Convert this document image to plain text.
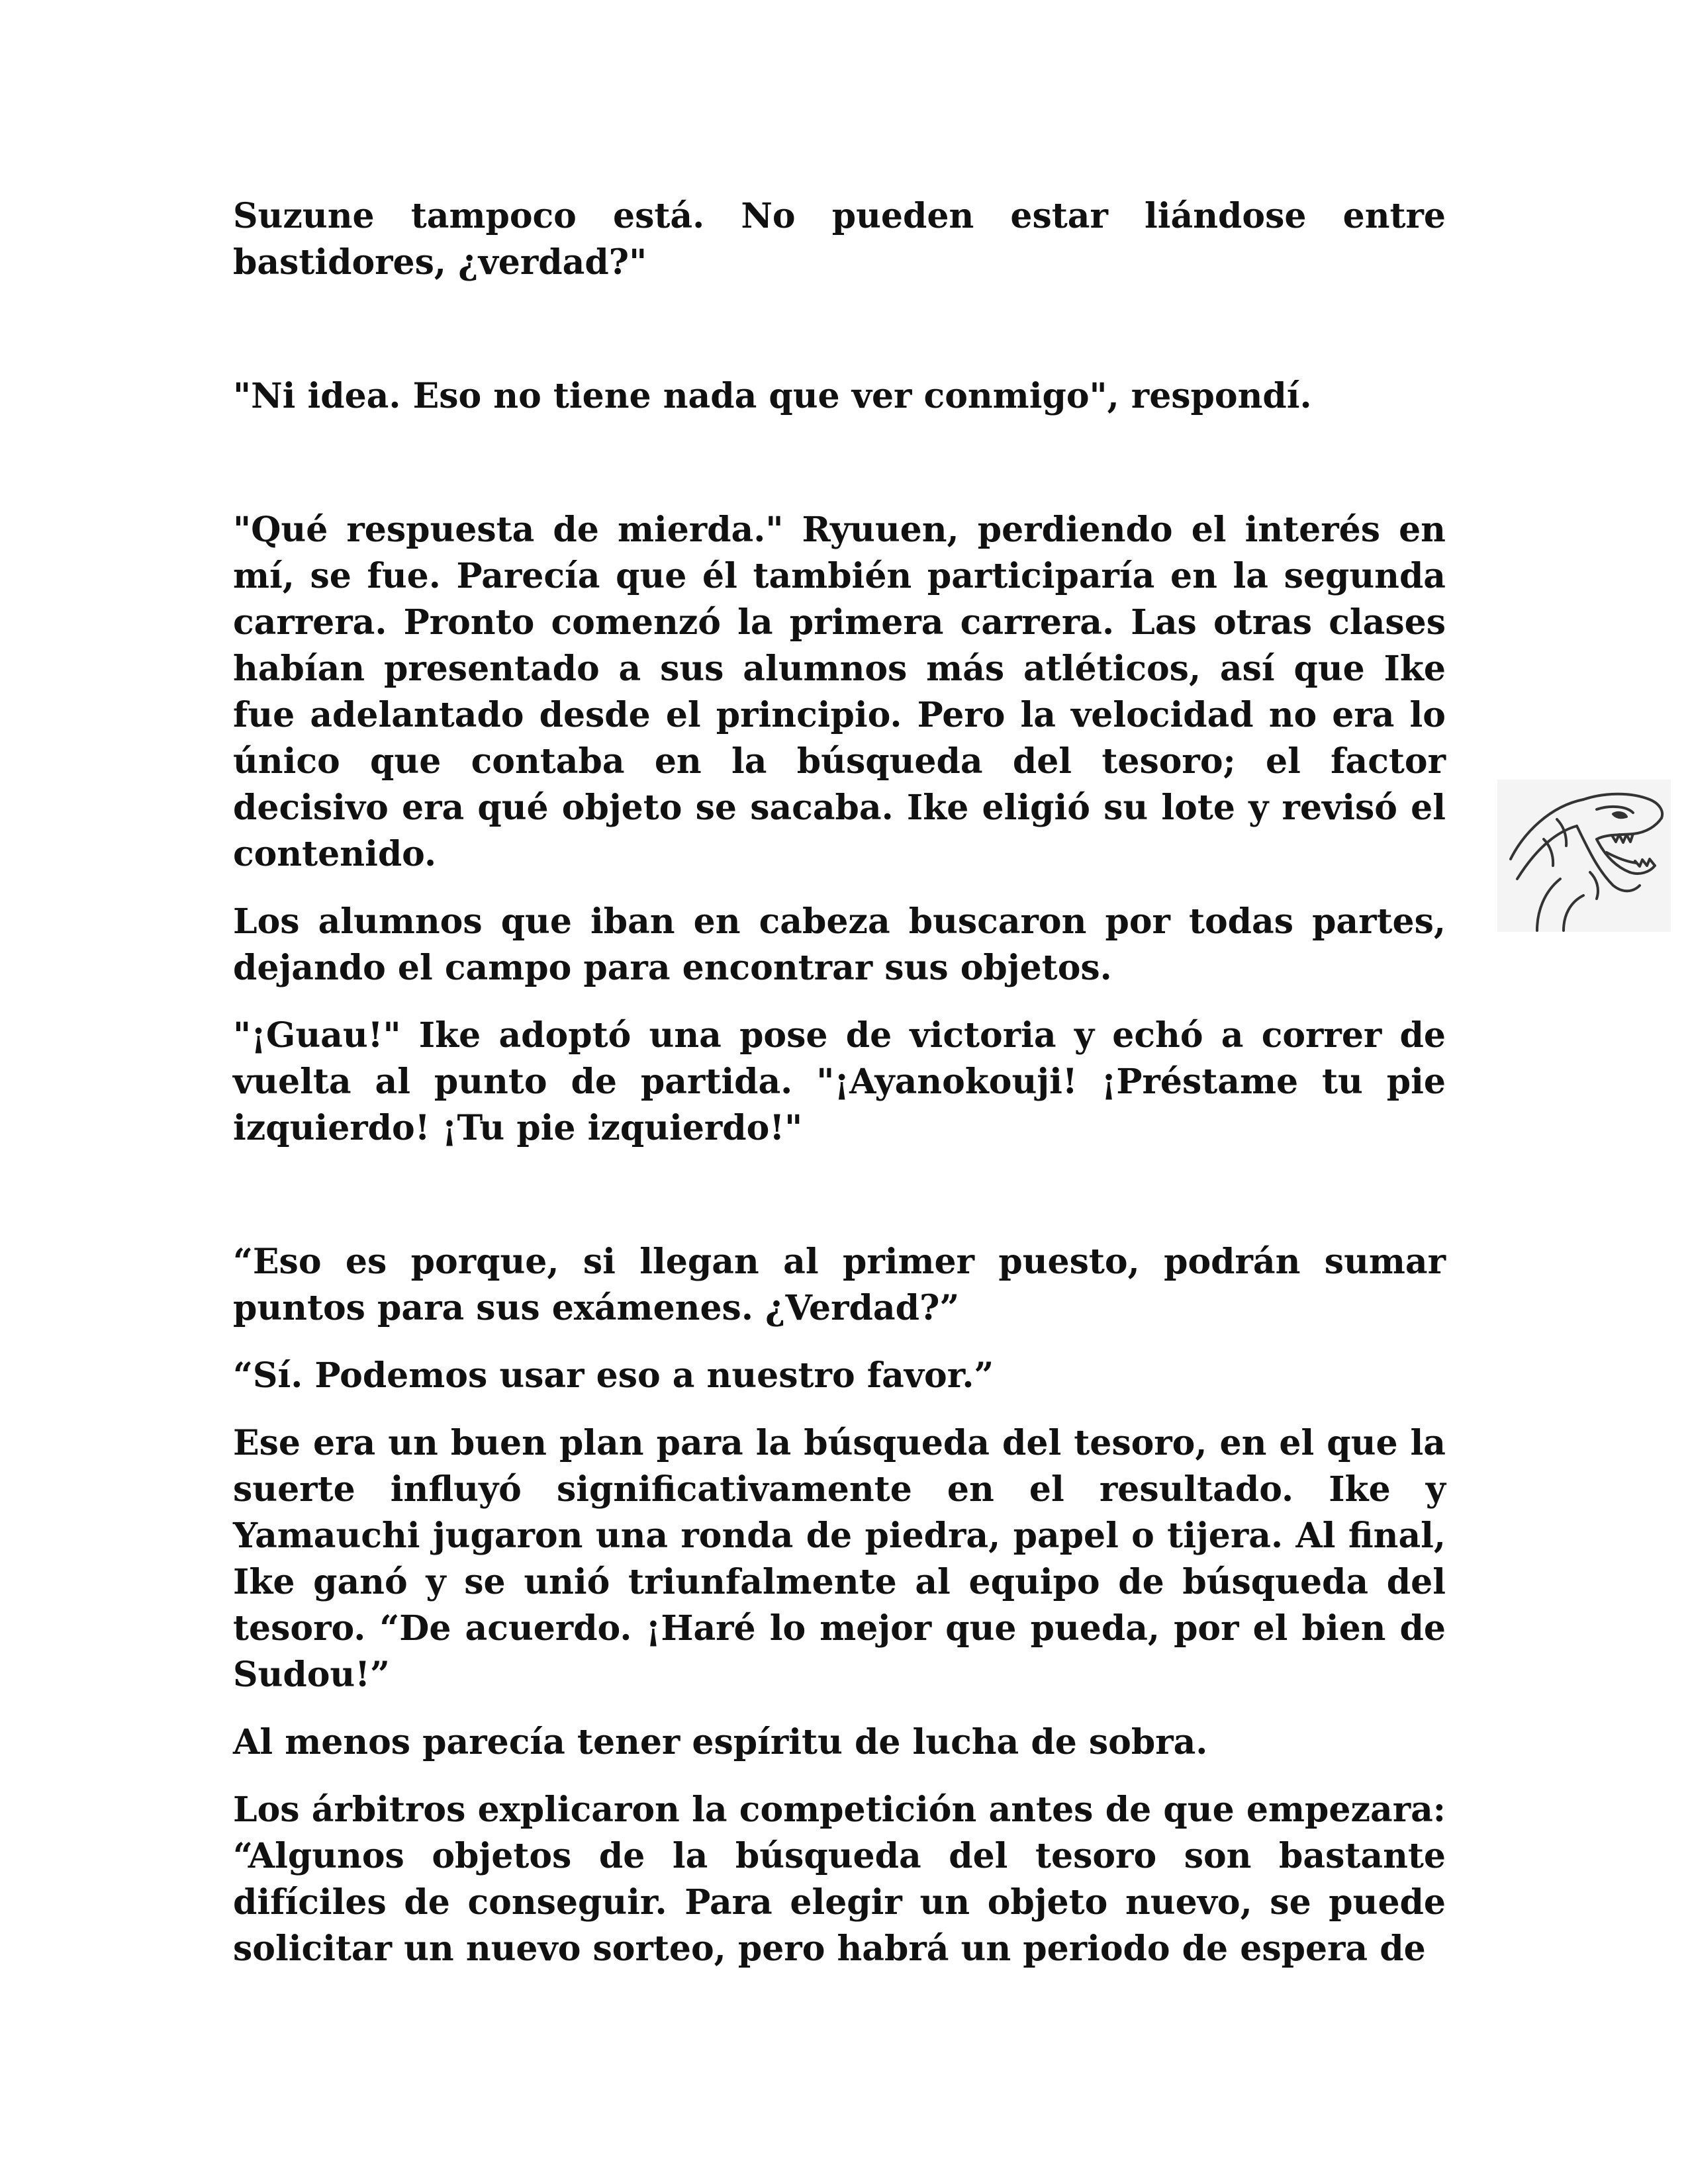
Suzune tampoco está. No pueden estar liándose entre bastidores, ¿verdad?"

"Ni idea. Eso no tiene nada que ver conmigo", respondí.

"Qué respuesta de mierda." Ryuuen, perdiendo el interés en mí, se fue. Parecía que él también participaría en la segunda carrera. Pronto comenzó la primera carrera. Las otras clases habían presentado a sus alumnos más atléticos, así que Ike fue adelantado desde el principio. Pero la velocidad no era lo único que contaba en la búsqueda del tesoro; el factor decisivo era qué objeto se sacaba. Ike eligió su lote y revisó el contenido.

Los alumnos que iban en cabeza buscaron por todas partes, dejando el campo para encontrar sus objetos.

"¡Guau!" Ike adoptó una pose de victoria y echó a correr de vuelta al punto de partida. "¡Ayanokouji! ¡Préstame tu pie izquierdo! ¡Tu pie izquierdo!"

“Eso es porque, si llegan al primer puesto, podrán sumar puntos para sus exámenes. ¿Verdad?”

“Sí. Podemos usar eso a nuestro favor.”

Ese era un buen plan para la búsqueda del tesoro, en el que la suerte influyó significativamente en el resultado. Ike y Yamauchi jugaron una ronda de piedra, papel o tijera. Al final, Ike ganó y se unió triunfalmente al equipo de búsqueda del tesoro. “De acuerdo. ¡Haré lo mejor que pueda, por el bien de Sudou!”

Al menos parecía tener espíritu de lucha de sobra.

Los árbitros explicaron la competición antes de que empezara: “Algunos objetos de la búsqueda del tesoro son bastante difíciles de conseguir. Para elegir un objeto nuevo, se puede solicitar un nuevo sorteo, pero habrá un periodo de espera de
